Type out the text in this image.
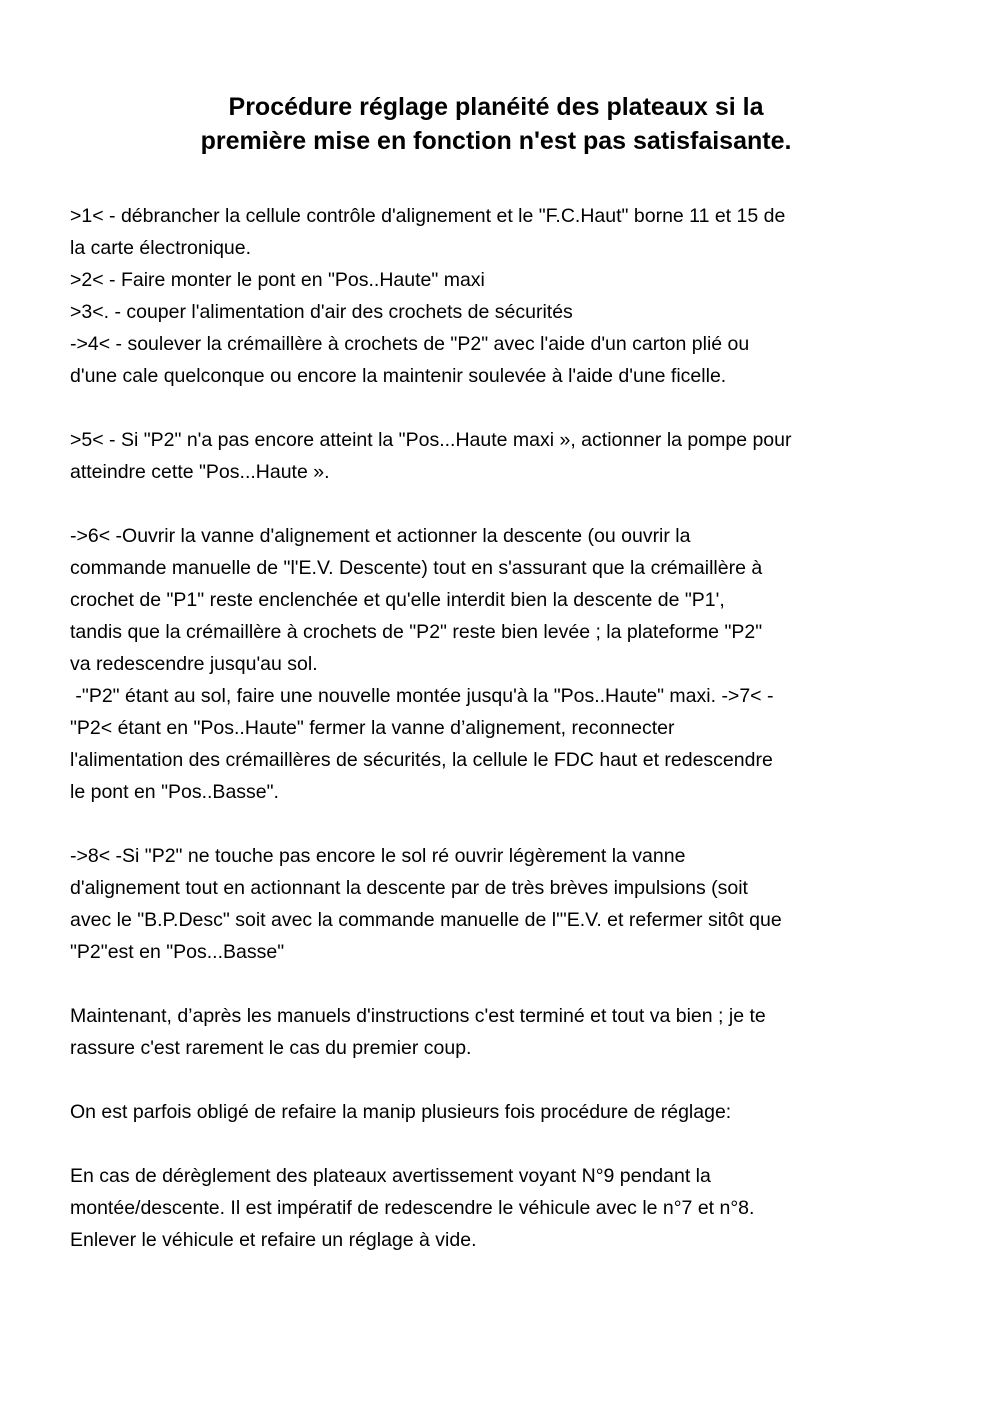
Procédure réglage planéité des plateaux si la
première mise en fonction n'est pas satisfaisante.

>1< - débrancher la cellule contrôle d'alignement et le "F.C.Haut" borne 11 et 15 de
la carte électronique.
>2< - Faire monter le pont en "Pos..Haute" maxi
>3<. - couper l'alimentation d'air des crochets de sécurités
->4< - soulever la crémaillère à crochets de "P2" avec l'aide d'un carton plié ou
d'une cale quelconque ou encore la maintenir soulevée à l'aide d'une ficelle.

>5< - Si "P2" n'a pas encore atteint la "Pos...Haute maxi », actionner la pompe pour
atteindre cette "Pos...Haute ».

->6< -Ouvrir la vanne d'alignement et actionner la descente (ou ouvrir la
commande manuelle de "l'E.V. Descente) tout en s'assurant que la crémaillère à
crochet de "P1" reste enclenchée et qu'elle interdit bien la descente de "P1',
tandis que la crémaillère à crochets de "P2" reste bien levée ; la plateforme "P2"
va redescendre jusqu'au sol.
-"P2" étant au sol, faire une nouvelle montée jusqu'à la "Pos..Haute" maxi. ->7< -
"P2< étant en "Pos..Haute" fermer la vanne d’alignement, reconnecter
l'alimentation des crémaillères de sécurités, la cellule le FDC haut et redescendre
le pont en "Pos..Basse".

->8< -Si "P2" ne touche pas encore le sol ré ouvrir légèrement la vanne
d'alignement tout en actionnant la descente par de très brèves impulsions (soit
avec le "B.P.Desc" soit avec la commande manuelle de l'"E.V. et refermer sitôt que
"P2"est en "Pos...Basse"

Maintenant, d’après les manuels d'instructions c'est terminé et tout va bien ; je te
rassure c'est rarement le cas du premier coup.

On est parfois obligé de refaire la manip plusieurs fois procédure de réglage:

En cas de dérèglement des plateaux avertissement voyant N°9 pendant la
montée/descente. Il est impératif de redescendre le véhicule avec le n°7 et n°8.
Enlever le véhicule et refaire un réglage à vide.
